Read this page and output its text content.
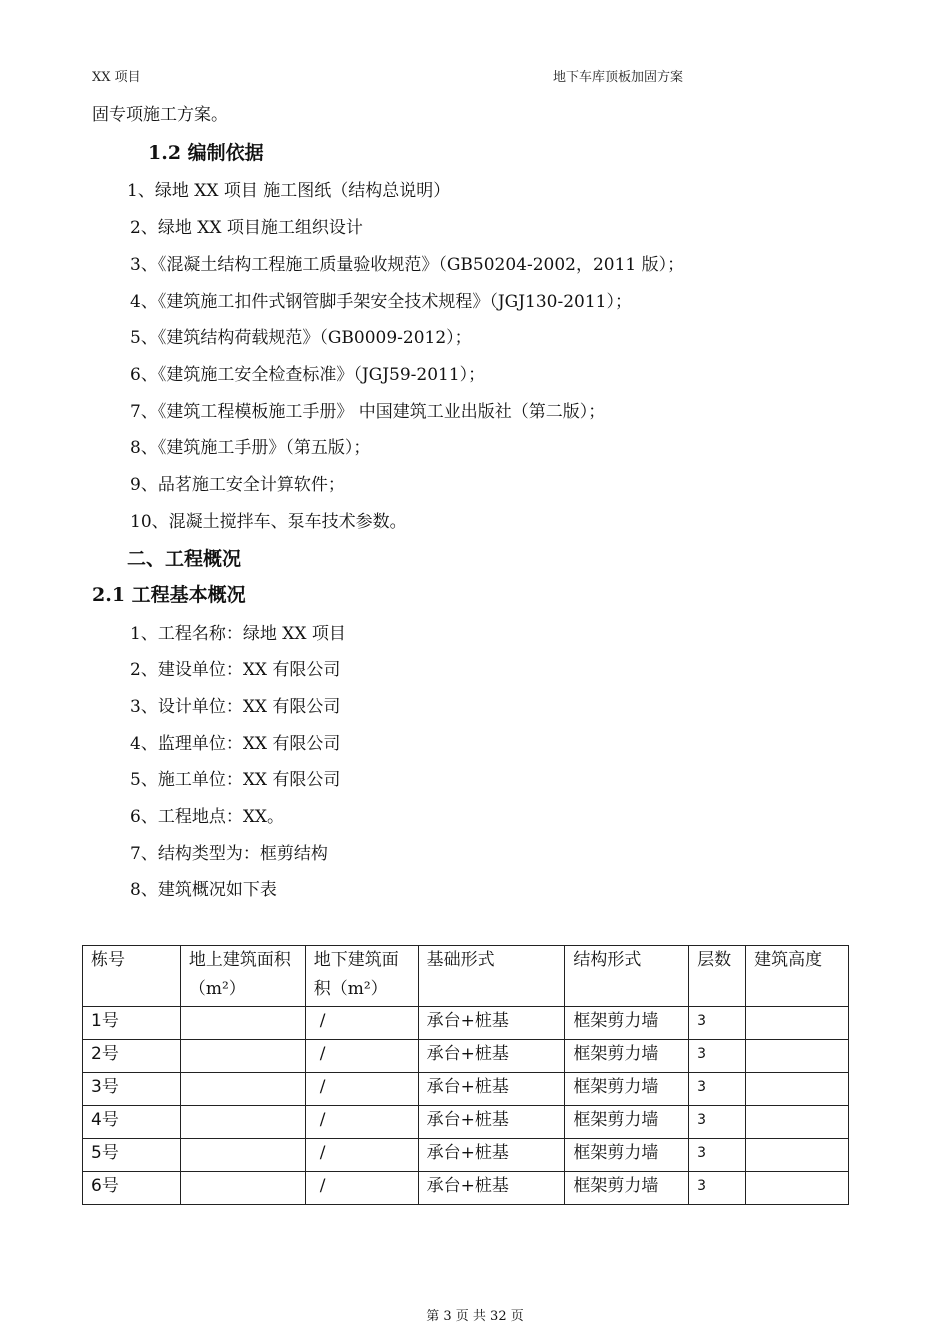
XX 项目	地下车库顶板加固方案
固专项施工方案。
1.2 编制依据
1、绿地 XX 项目 施工图纸（结构总说明）
2、绿地 XX 项目施工组织设计
3、《混凝土结构工程施工质量验收规范》（GB50204-2002，2011 版）；
4、《建筑施工扣件式钢管脚手架安全技术规程》（JGJ130-2011）；
5、《建筑结构荷载规范》（GB0009-2012）；
6、《建筑施工安全检查标准》（JGJ59-2011）；
7、《建筑工程模板施工手册》 中国建筑工业出版社（第二版）；
8、《建筑施工手册》（第五版）；
9、品茗施工安全计算软件；
10、混凝土搅拌车、泵车技术参数。
二、工程概况
2.1 工程基本概况
1、工程名称：绿地 XX 项目
2、建设单位：XX 有限公司
3、设计单位：XX 有限公司
4、监理单位：XX 有限公司
5、施工单位：XX 有限公司
6、工程地点：XX。
7、结构类型为：框剪结构
8、建筑概况如下表
栋号	地上建筑面积（m²）	地下建筑面积（m²）	基础形式	结构形式	层数	建筑高度
1号		/	承台+桩基	框架剪力墙	3	
2号		/	承台+桩基	框架剪力墙	3	
3号		/	承台+桩基	框架剪力墙	3	
4号		/	承台+桩基	框架剪力墙	3	
5号		/	承台+桩基	框架剪力墙	3	
6号		/	承台+桩基	框架剪力墙	3	
第 3 页 共 32 页
